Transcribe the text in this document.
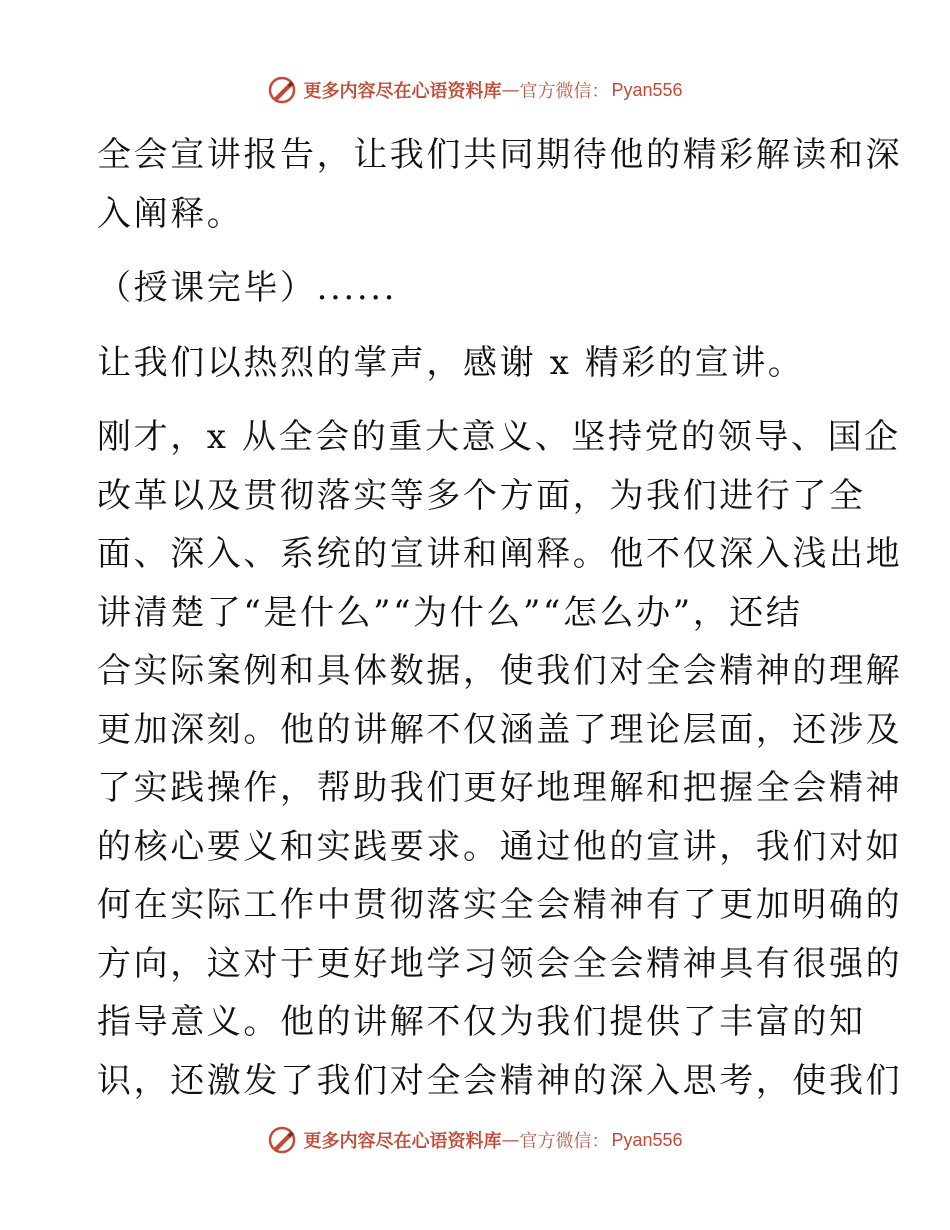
更多内容尽在心语资料库 — 官方微信： Pyan556
全会宣讲报告，让我们共同期待他的精彩解读和深
入阐释。
（授课完毕）......
让我们以热烈的掌声，感谢 x 精彩的宣讲。
刚才，x 从全会的重大意义、坚持党的领导、国企
改革以及贯彻落实等多个方面，为我们进行了全
面、深入、系统的宣讲和阐释。他不仅深入浅出地
讲清楚了“是什么”“为什么”“怎么办”，还结
合实际案例和具体数据，使我们对全会精神的理解
更加深刻。他的讲解不仅涵盖了理论层面，还涉及
了实践操作，帮助我们更好地理解和把握全会精神
的核心要义和实践要求。通过他的宣讲，我们对如
何在实际工作中贯彻落实全会精神有了更加明确的
方向，这对于更好地学习领会全会精神具有很强的
指导意义。他的讲解不仅为我们提供了丰富的知
识，还激发了我们对全会精神的深入思考，使我们
更多内容尽在心语资料库 — 官方微信： Pyan556
